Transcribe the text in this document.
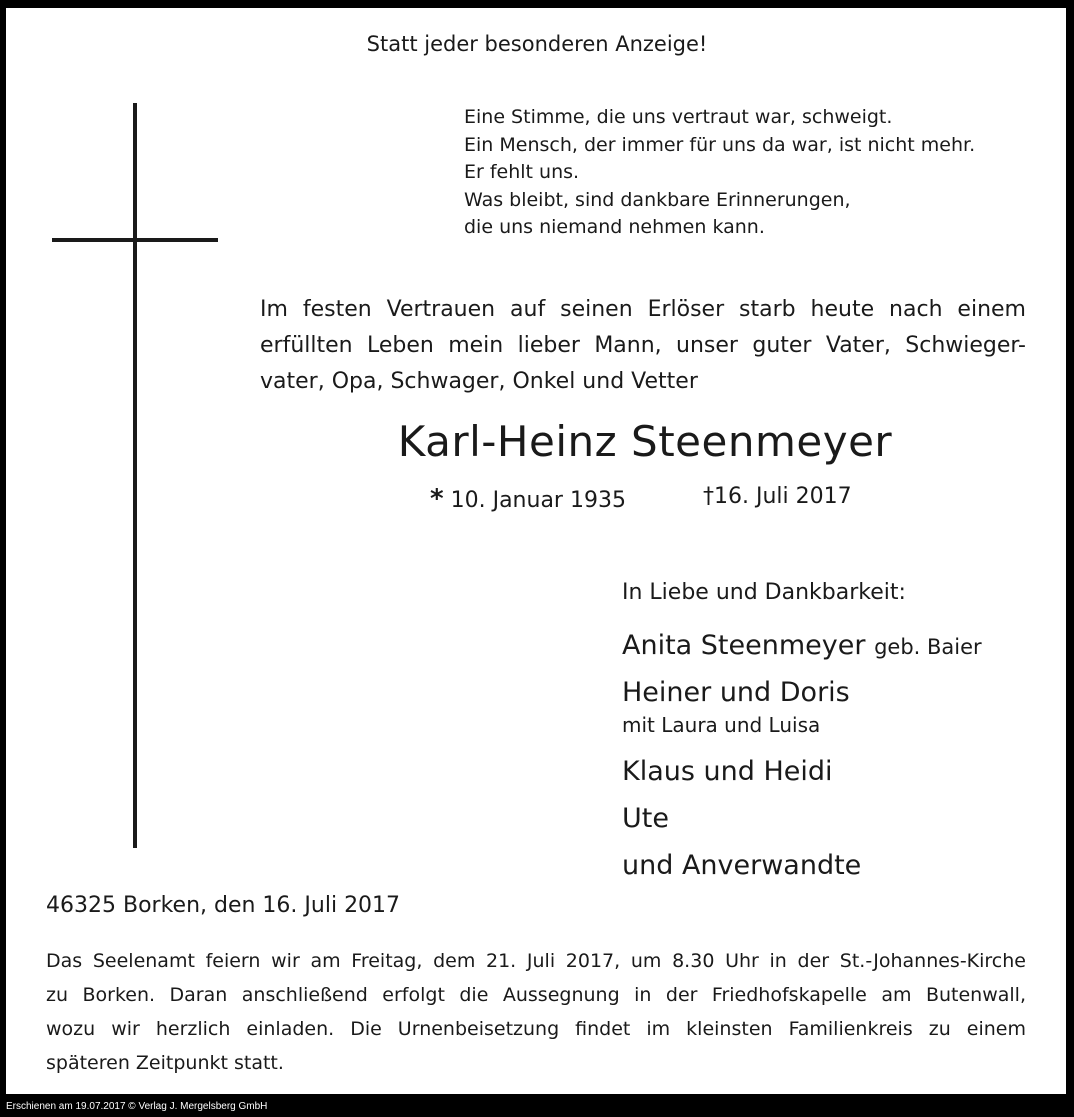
Statt jeder besonderen Anzeige!
Eine Stimme, die uns vertraut war, schweigt.
Ein Mensch, der immer für uns da war, ist nicht mehr.
Er fehlt uns.
Was bleibt, sind dankbare Erinnerungen,
die uns niemand nehmen kann.
Im festen Vertrauen auf seinen Erlöser starb heute nach einem
erfüllten Leben mein lieber Mann, unser guter Vater, Schwieger-
vater, Opa, Schwager, Onkel und Vetter
Karl-Heinz Steenmeyer
* 10. Januar 1935	†16. Juli 2017
In Liebe und Dankbarkeit:
Anita Steenmeyer geb. Baier
Heiner und Doris
mit Laura und Luisa
Klaus und Heidi
Ute
und Anverwandte
46325 Borken, den 16. Juli 2017
Das Seelenamt feiern wir am Freitag, dem 21. Juli 2017, um 8.30 Uhr in der St.-Johannes-Kirche
zu Borken. Daran anschließend erfolgt die Aussegnung in der Friedhofskapelle am Butenwall,
wozu wir herzlich einladen. Die Urnenbeisetzung findet im kleinsten Familienkreis zu einem
späteren Zeitpunkt statt.
Erschienen am 19.07.2017 © Verlag J. Mergelsberg GmbH
